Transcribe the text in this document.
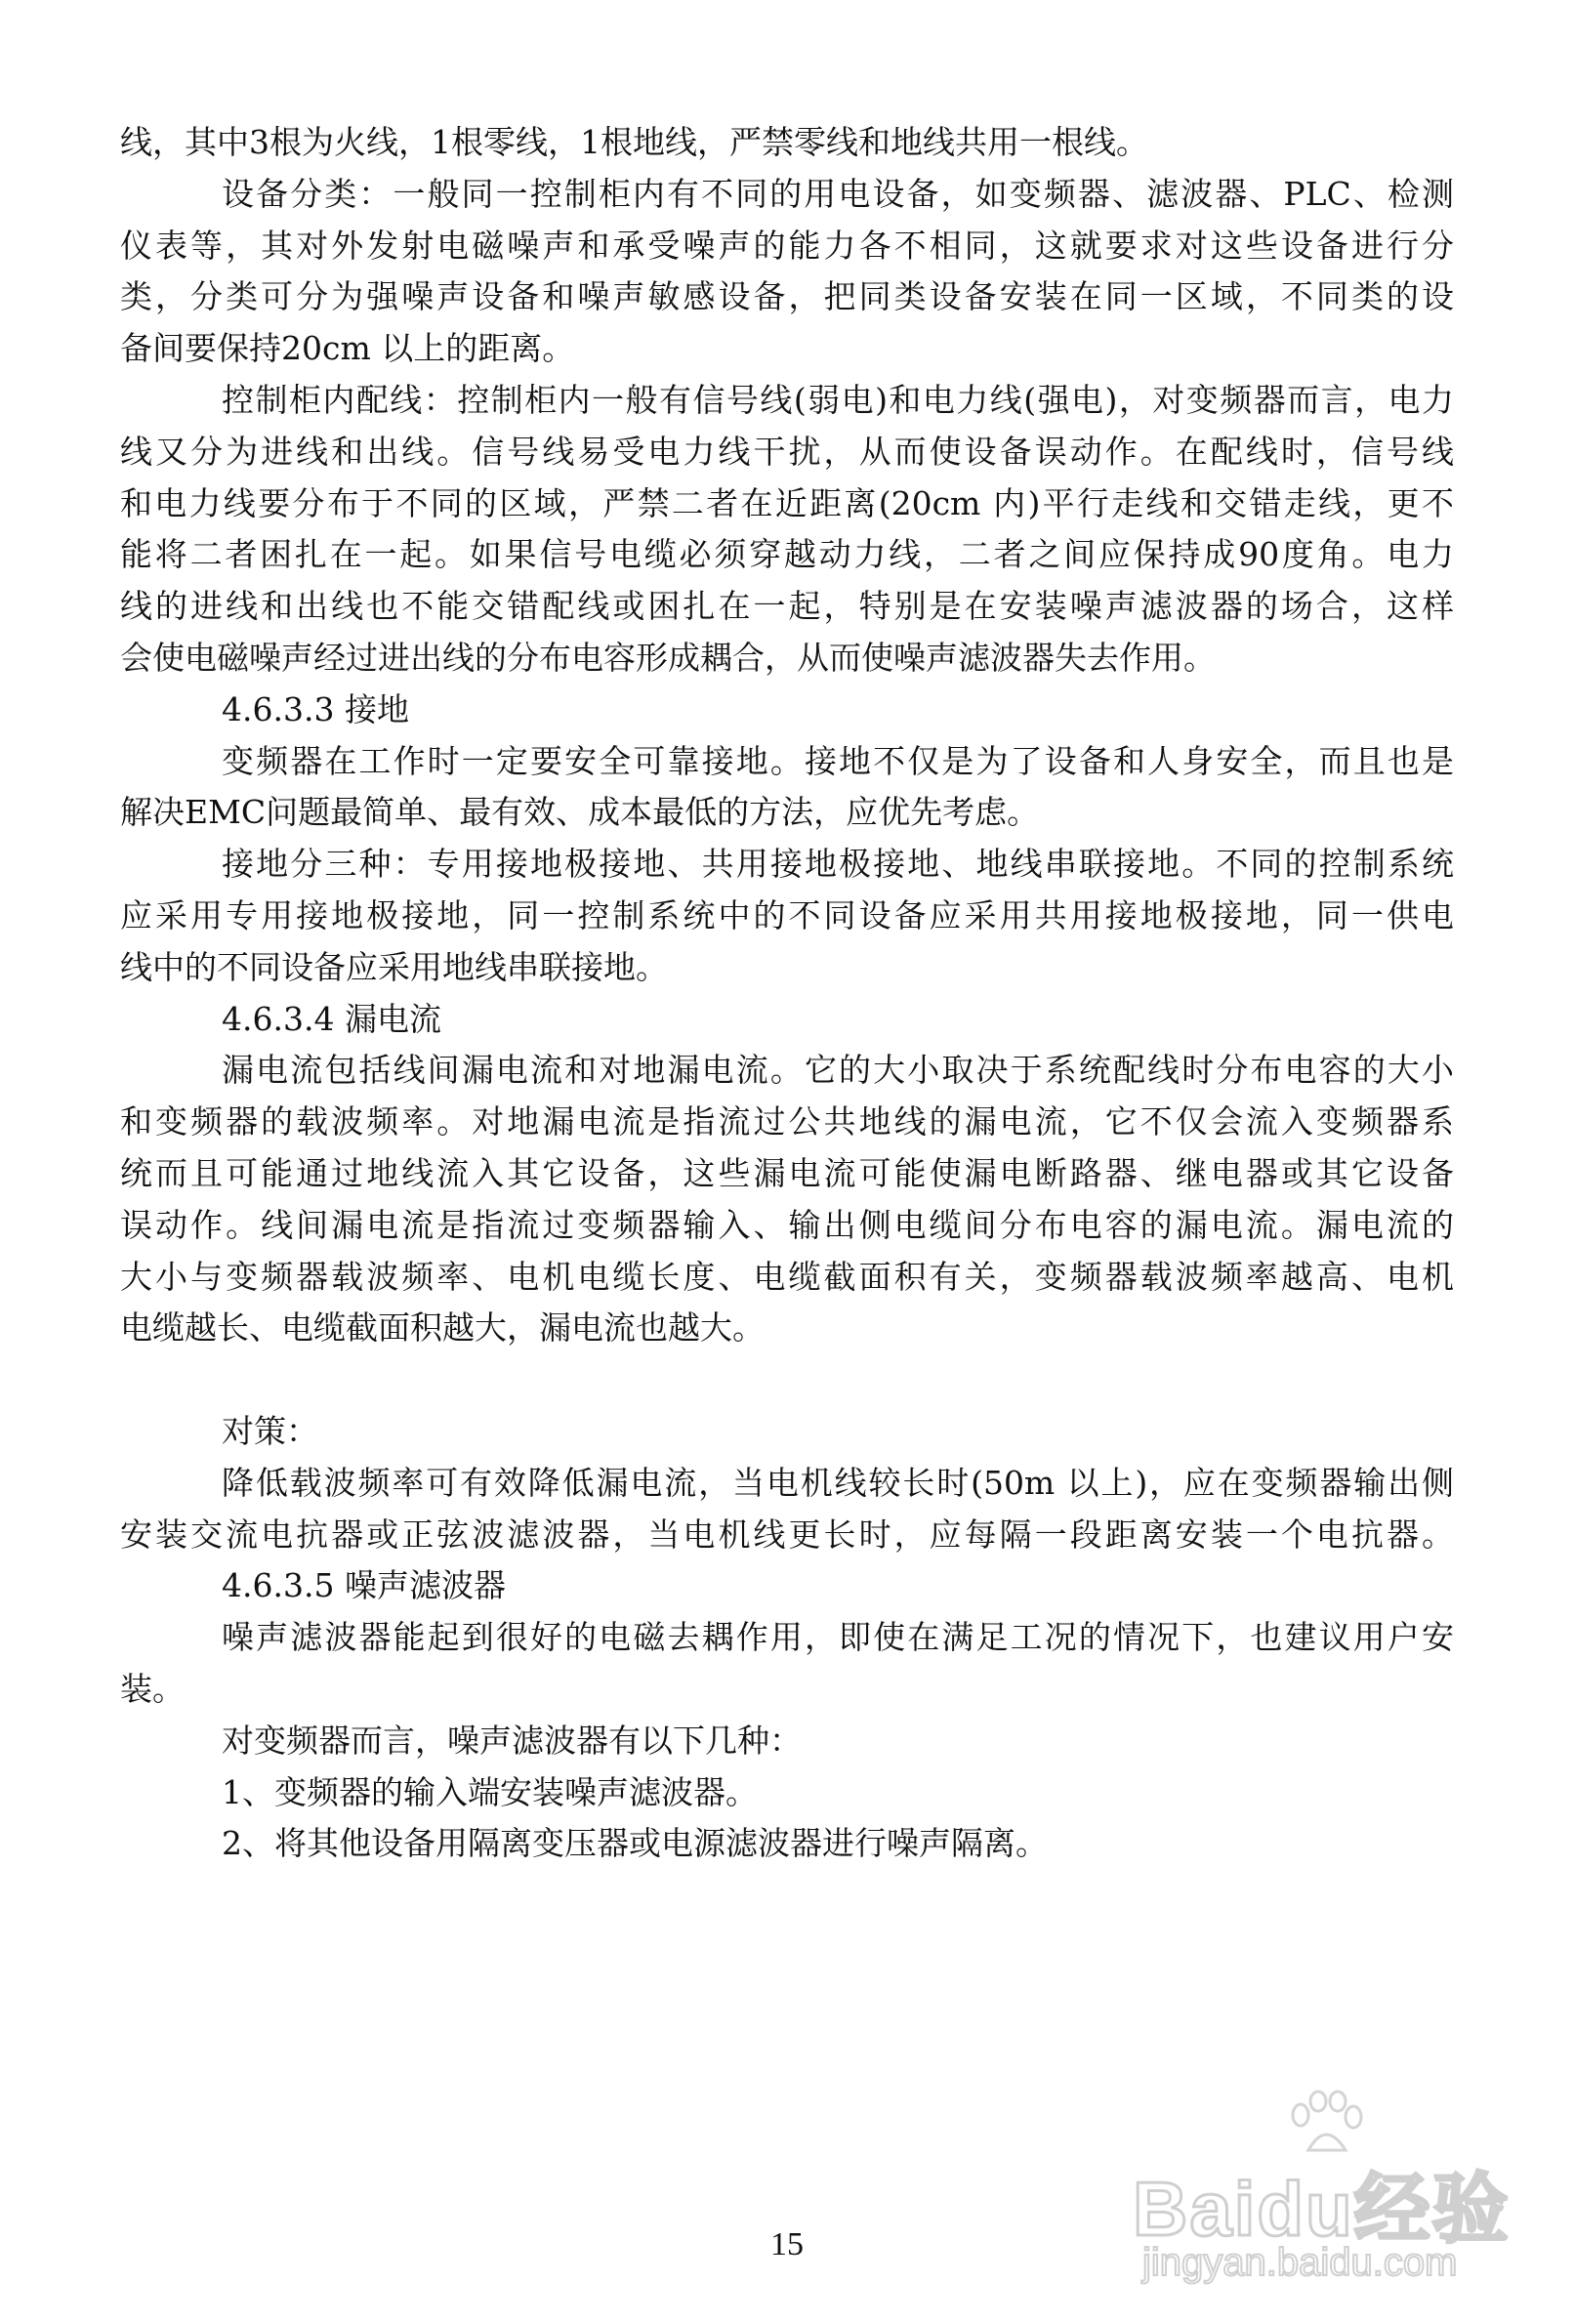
线，其中3根为火线，1根零线，1根地线，严禁零线和地线共用一根线。
设备分类：一般同一控制柜内有不同的用电设备，如变频器、滤波器、PLC、检测
仪表等，其对外发射电磁噪声和承受噪声的能力各不相同，这就要求对这些设备进行分
类，分类可分为强噪声设备和噪声敏感设备，把同类设备安装在同一区域，不同类的设
备间要保持20cm 以上的距离。
控制柜内配线：控制柜内一般有信号线(弱电)和电力线(强电)，对变频器而言，电力
线又分为进线和出线。信号线易受电力线干扰，从而使设备误动作。在配线时，信号线
和电力线要分布于不同的区域，严禁二者在近距离(20cm 内)平行走线和交错走线，更不
能将二者困扎在一起。如果信号电缆必须穿越动力线，二者之间应保持成90度角。电力
线的进线和出线也不能交错配线或困扎在一起，特别是在安装噪声滤波器的场合，这样
会使电磁噪声经过进出线的分布电容形成耦合，从而使噪声滤波器失去作用。
4.6.3.3 接地
变频器在工作时一定要安全可靠接地。接地不仅是为了设备和人身安全，而且也是
解决EMC问题最简单、最有效、成本最低的方法，应优先考虑。
接地分三种：专用接地极接地、共用接地极接地、地线串联接地。不同的控制系统
应采用专用接地极接地，同一控制系统中的不同设备应采用共用接地极接地，同一供电
线中的不同设备应采用地线串联接地。
4.6.3.4 漏电流
漏电流包括线间漏电流和对地漏电流。它的大小取决于系统配线时分布电容的大小
和变频器的载波频率。对地漏电流是指流过公共地线的漏电流，它不仅会流入变频器系
统而且可能通过地线流入其它设备，这些漏电流可能使漏电断路器、继电器或其它设备
误动作。线间漏电流是指流过变频器输入、输出侧电缆间分布电容的漏电流。漏电流的
大小与变频器载波频率、电机电缆长度、电缆截面积有关，变频器载波频率越高、电机
电缆越长、电缆截面积越大，漏电流也越大。
对策：
降低载波频率可有效降低漏电流，当电机线较长时(50m 以上)，应在变频器输出侧
安装交流电抗器或正弦波滤波器，当电机线更长时，应每隔一段距离安装一个电抗器。
4.6.3.5 噪声滤波器
噪声滤波器能起到很好的电磁去耦作用，即使在满足工况的情况下，也建议用户安
装。
对变频器而言，噪声滤波器有以下几种：
1、变频器的输入端安装噪声滤波器。
2、将其他设备用隔离变压器或电源滤波器进行噪声隔离。
15	Baidu经验
jingyan.baidu.com
